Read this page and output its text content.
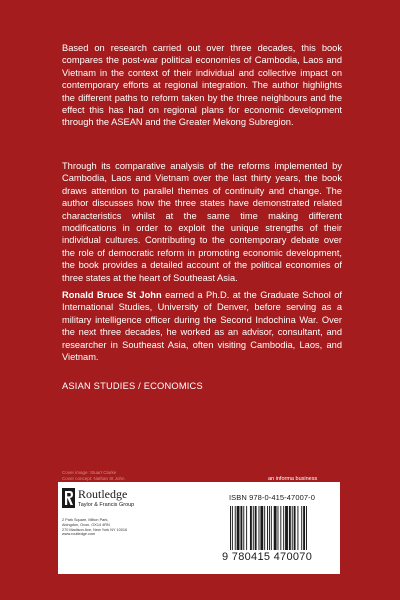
Based on research carried out over three decades, this book compares the post-war political economies of Cambodia, Laos and Vietnam in the context of their individual and collective impact on contemporary efforts at regional integration. The author highlights the different paths to reform taken by the three neighbours and the effect this has had on regional plans for economic development through the ASEAN and the Greater Mekong Subregion.

Through its comparative analysis of the reforms implemented by Cambodia, Laos and Vietnam over the last thirty years, the book draws attention to parallel themes of continuity and change. The author discusses how the three states have demonstrated related characteristics whilst at the same time making different modifications in order to exploit the unique strengths of their individual cultures. Contributing to the contemporary debate over the role of democratic reform in promoting economic development, the book provides a detailed account of the political economies of three states at the heart of Southeast Asia.

Ronald Bruce St John earned a Ph.D. at the Graduate School of International Studies, University of Denver, before serving as a military intelligence officer during the Second Indochina War. Over the next three decades, he worked as an advisor, consultant, and researcher in Southeast Asia, often visiting Cambodia, Laos, and Vietnam.

ASIAN STUDIES / ECONOMICS

Cover image: Stuart Clarke
Cover concept: Nathan St John	an informa business
Routledge
Taylor & Francis Group
2 Park Square, Milton Park,
Abingdon, Oxon, OX14 4RN
270 Madison Ave, New York NY 10016
www.routledge.com
ISBN 978-0-415-47007-0
9 780415 470070
